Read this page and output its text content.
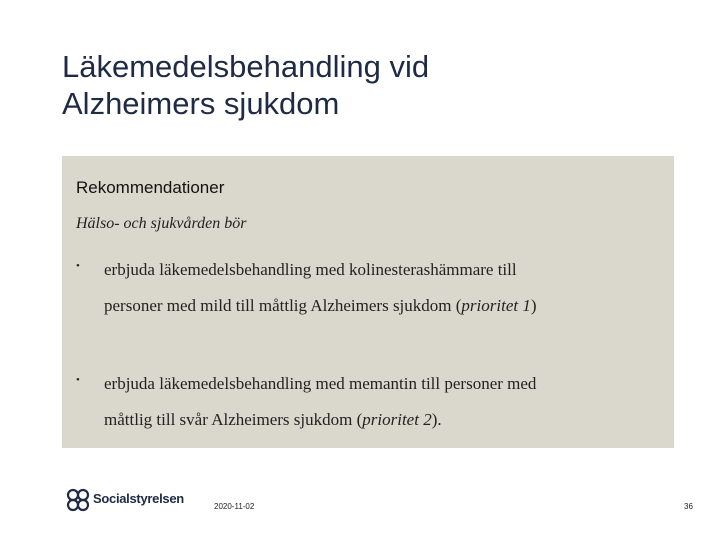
Läkemedelsbehandling vid
Alzheimers sjukdom
Rekommendationer
Hälso- och sjukvården bör
• erbjuda läkemedelsbehandling med kolinesterashämmare till
personer med mild till måttlig Alzheimers sjukdom (prioritet 1)
• erbjuda läkemedelsbehandling med memantin till personer med
måttlig till svår Alzheimers sjukdom (prioritet 2).
Socialstyrelsen
2020-11-02	36
